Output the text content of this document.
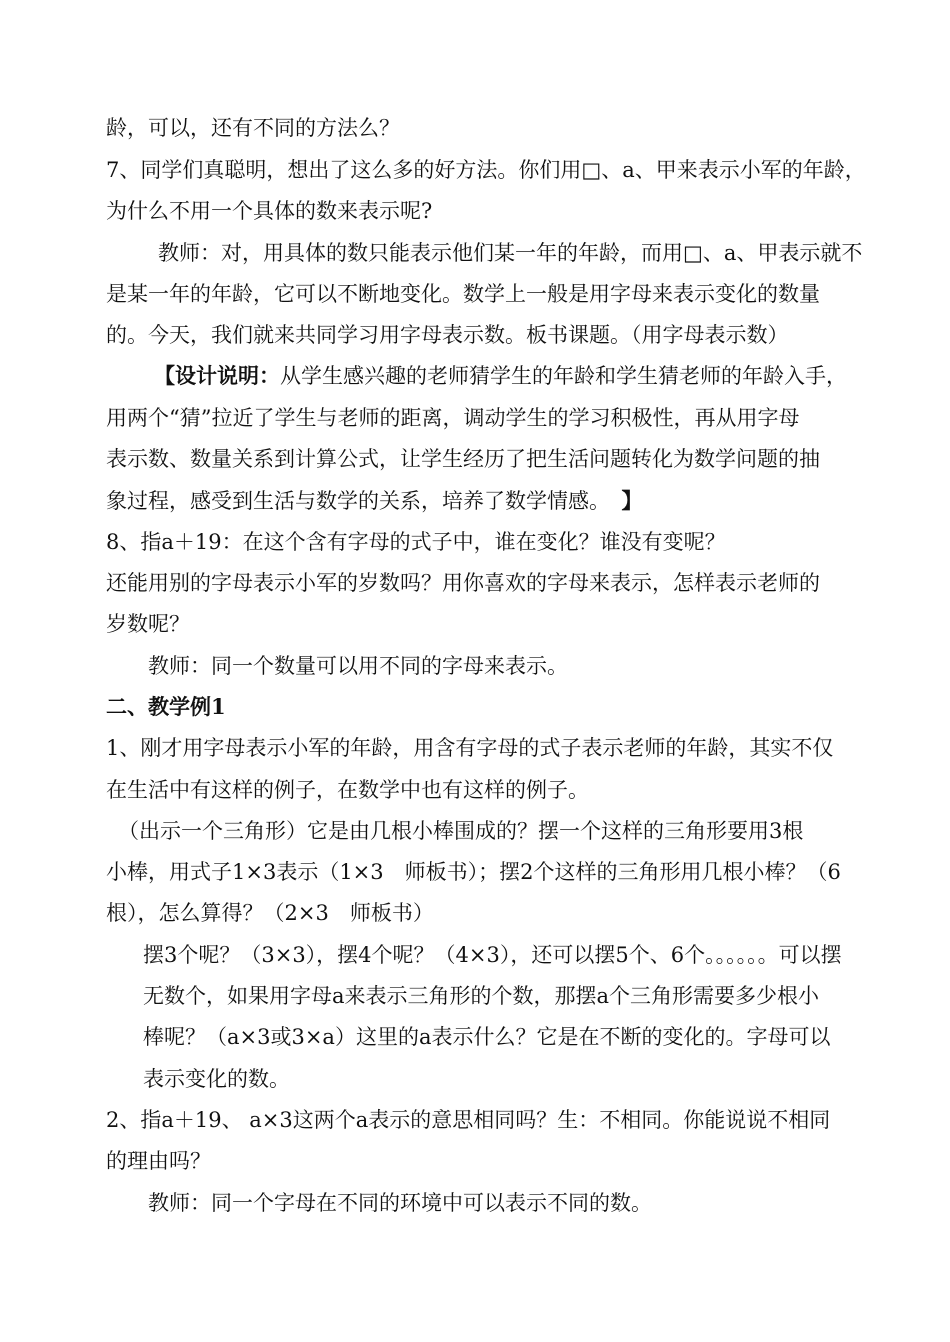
龄，可以，还有不同的方法么？
7、同学们真聪明，想出了这么多的好方法。你们用□、a、甲来表示小军的年龄，
为什么不用一个具体的数来表示呢?
教师：对，用具体的数只能表示他们某一年的年龄，而用□、a、甲表示就不
是某一年的年龄，它可以不断地变化。数学上一般是用字母来表示变化的数量
的。今天，我们就来共同学习用字母表示数。板书课题。（用字母表示数）
【设计说明：从学生感兴趣的老师猜学生的年龄和学生猜老师的年龄入手，
用两个“猜”拉近了学生与老师的距离，调动学生的学习积极性，再从用字母
表示数、数量关系到计算公式，让学生经历了把生活问题转化为数学问题的抽
象过程，感受到生活与数学的关系，培养了数学情感。 】
8、指a＋19：在这个含有字母的式子中，谁在变化？谁没有变呢？
还能用别的字母表示小军的岁数吗？用你喜欢的字母来表示，怎样表示老师的
岁数呢？
教师：同一个数量可以用不同的字母来表示。
二、教学例1
1、刚才用字母表示小军的年龄，用含有字母的式子表示老师的年龄，其实不仅
在生活中有这样的例子，在数学中也有这样的例子。
（出示一个三角形）它是由几根小棒围成的？摆一个这样的三角形要用3根
小棒，用式子1×3表示（1×3　师板书）；摆2个这样的三角形用几根小棒？（6
根），怎么算得？（2×3　师板书）
摆3个呢？（3×3），摆4个呢？（4×3），还可以摆5个、6个。。。。。。可以摆
无数个，如果用字母a来表示三角形的个数，那摆a个三角形需要多少根小
棒呢？（a×3或3×a）这里的a表示什么？它是在不断的变化的。字母可以
表示变化的数。
2、指a＋19、 a×3这两个a表示的意思相同吗？生：不相同。你能说说不相同
的理由吗？
教师：同一个字母在不同的环境中可以表示不同的数。
